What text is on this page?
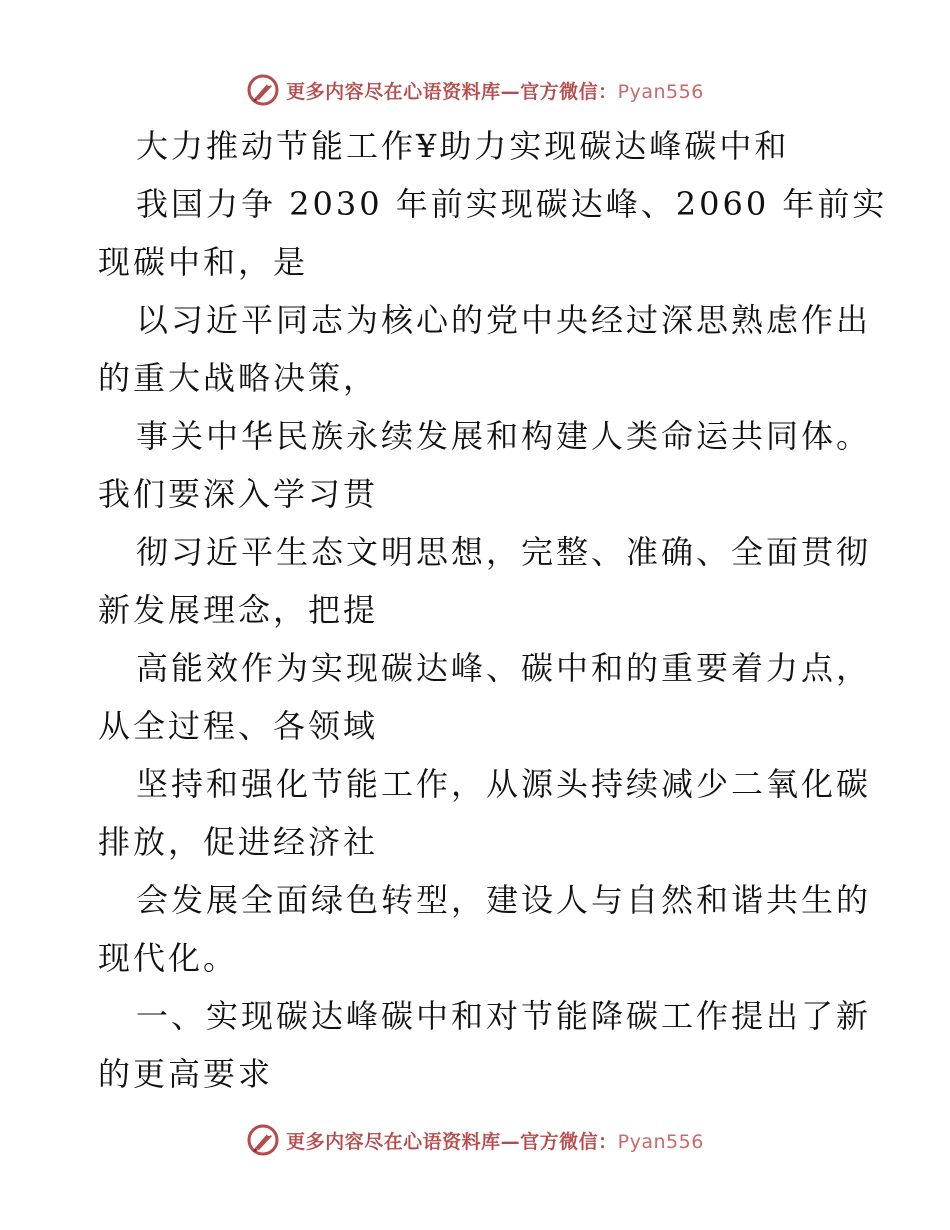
更多内容尽在心语资料库—官方微信：Pyan556
大力推动节能工作¥助力实现碳达峰碳中和
我国力争 2030 年前实现碳达峰、2060 年前实
现碳中和，是
以习近平同志为核心的党中央经过深思熟虑作出
的重大战略决策，
事关中华民族永续发展和构建人类命运共同体。
我们要深入学习贯
彻习近平生态文明思想，完整、准确、全面贯彻
新发展理念，把提
高能效作为实现碳达峰、碳中和的重要着力点，
从全过程、各领域
坚持和强化节能工作，从源头持续减少二氧化碳
排放，促进经济社
会发展全面绿色转型，建设人与自然和谐共生的
现代化。
一、实现碳达峰碳中和对节能降碳工作提出了新
的更高要求
更多内容尽在心语资料库—官方微信：Pyan556
